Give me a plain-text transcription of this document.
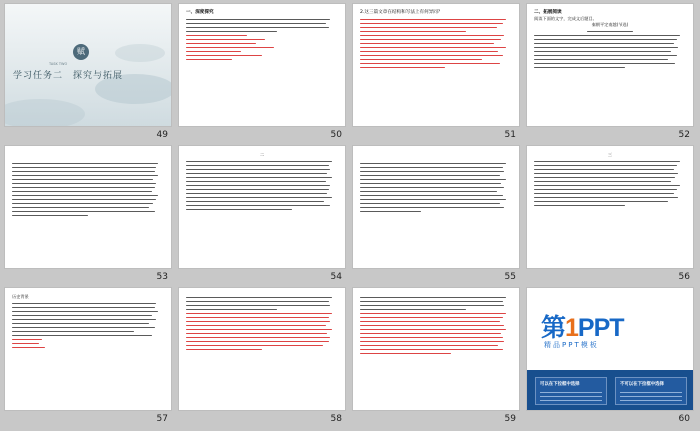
赋
TASK TWO
学习任务二　探究与拓展
49
一、深度探究
50
2.这三篇文章在结构和写法上有何异同？
51
二、拓展阅读
阅读下面的文字，完成文后题目。
秦朝平定南越(节选)
52
53
二
54	55
三
56
历史背景
57	58	59
第1PPT
精品PPT模板
可以在下拉框中选择	不可以在下拉框中选择
60
